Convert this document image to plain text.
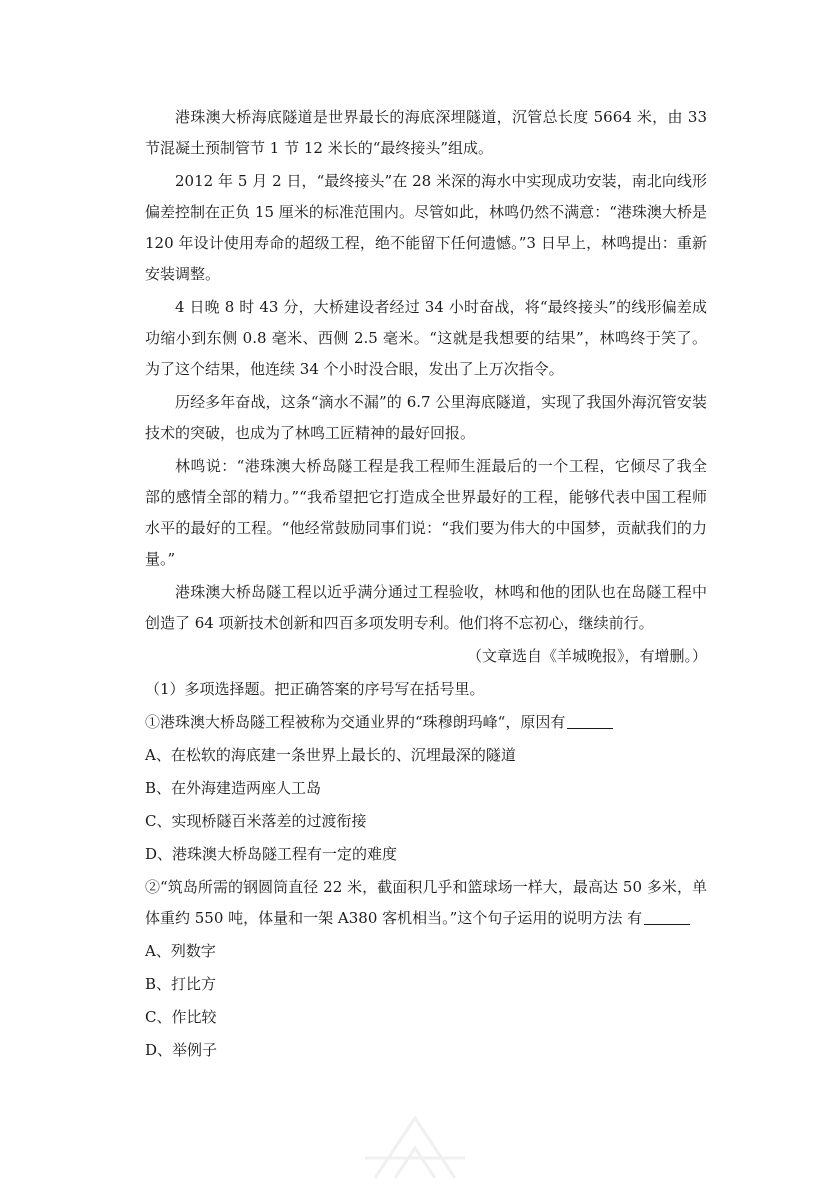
港珠澳大桥海底隧道是世界最长的海底深埋隧道，沉管总长度 5664 米，由 33 节混凝土预制管节 1 节 12 米长的“最终接头”组成。

2012 年 5 月 2 日，“最终接头”在 28 米深的海水中实现成功安装，南北向线形偏差控制在正负 15 厘米的标准范围内。尽管如此，林鸣仍然不满意：“港珠澳大桥是 120 年设计使用寿命的超级工程，绝不能留下任何遗憾。”3 日早上，林鸣提出：重新安装调整。

4 日晚 8 时 43 分，大桥建设者经过 34 小时奋战，将“最终接头”的线形偏差成功缩小到东侧 0.8 毫米、西侧 2.5 毫米。“这就是我想要的结果”，林鸣终于笑了。为了这个结果，他连续 34 个小时没合眼，发出了上万次指令。

历经多年奋战，这条“滴水不漏”的 6.7 公里海底隧道，实现了我国外海沉管安装技术的突破，也成为了林鸣工匠精神的最好回报。

林鸣说：“港珠澳大桥岛隧工程是我工程师生涯最后的一个工程，它倾尽了我全部的感情全部的精力。”“我希望把它打造成全世界最好的工程，能够代表中国工程师水平的最好的工程。“他经常鼓励同事们说：“我们要为伟大的中国梦，贡献我们的力量。”

港珠澳大桥岛隧工程以近乎满分通过工程验收，林鸣和他的团队也在岛隧工程中创造了 64 项新技术创新和四百多项发明专利。他们将不忘初心，继续前行。

（文章选自《羊城晚报》，有增删。）

（1）多项选择题。把正确答案的序号写在括号里。

①港珠澳大桥岛隧工程被称为交通业界的“珠穆朗玛峰“，原因有

A、在松软的海底建一条世界上最长的、沉埋最深的隧道

B、在外海建造两座人工岛

C、实现桥隧百米落差的过渡衔接

D、港珠澳大桥岛隧工程有一定的难度

②“筑岛所需的钢圆筒直径 22 米，截面积几乎和篮球场一样大，最高达 50 多米，单体重约 550 吨，体量和一架 A380 客机相当。”这个句子运用的说明方法 有

A、列数字

B、打比方

C、作比较

D、举例子
